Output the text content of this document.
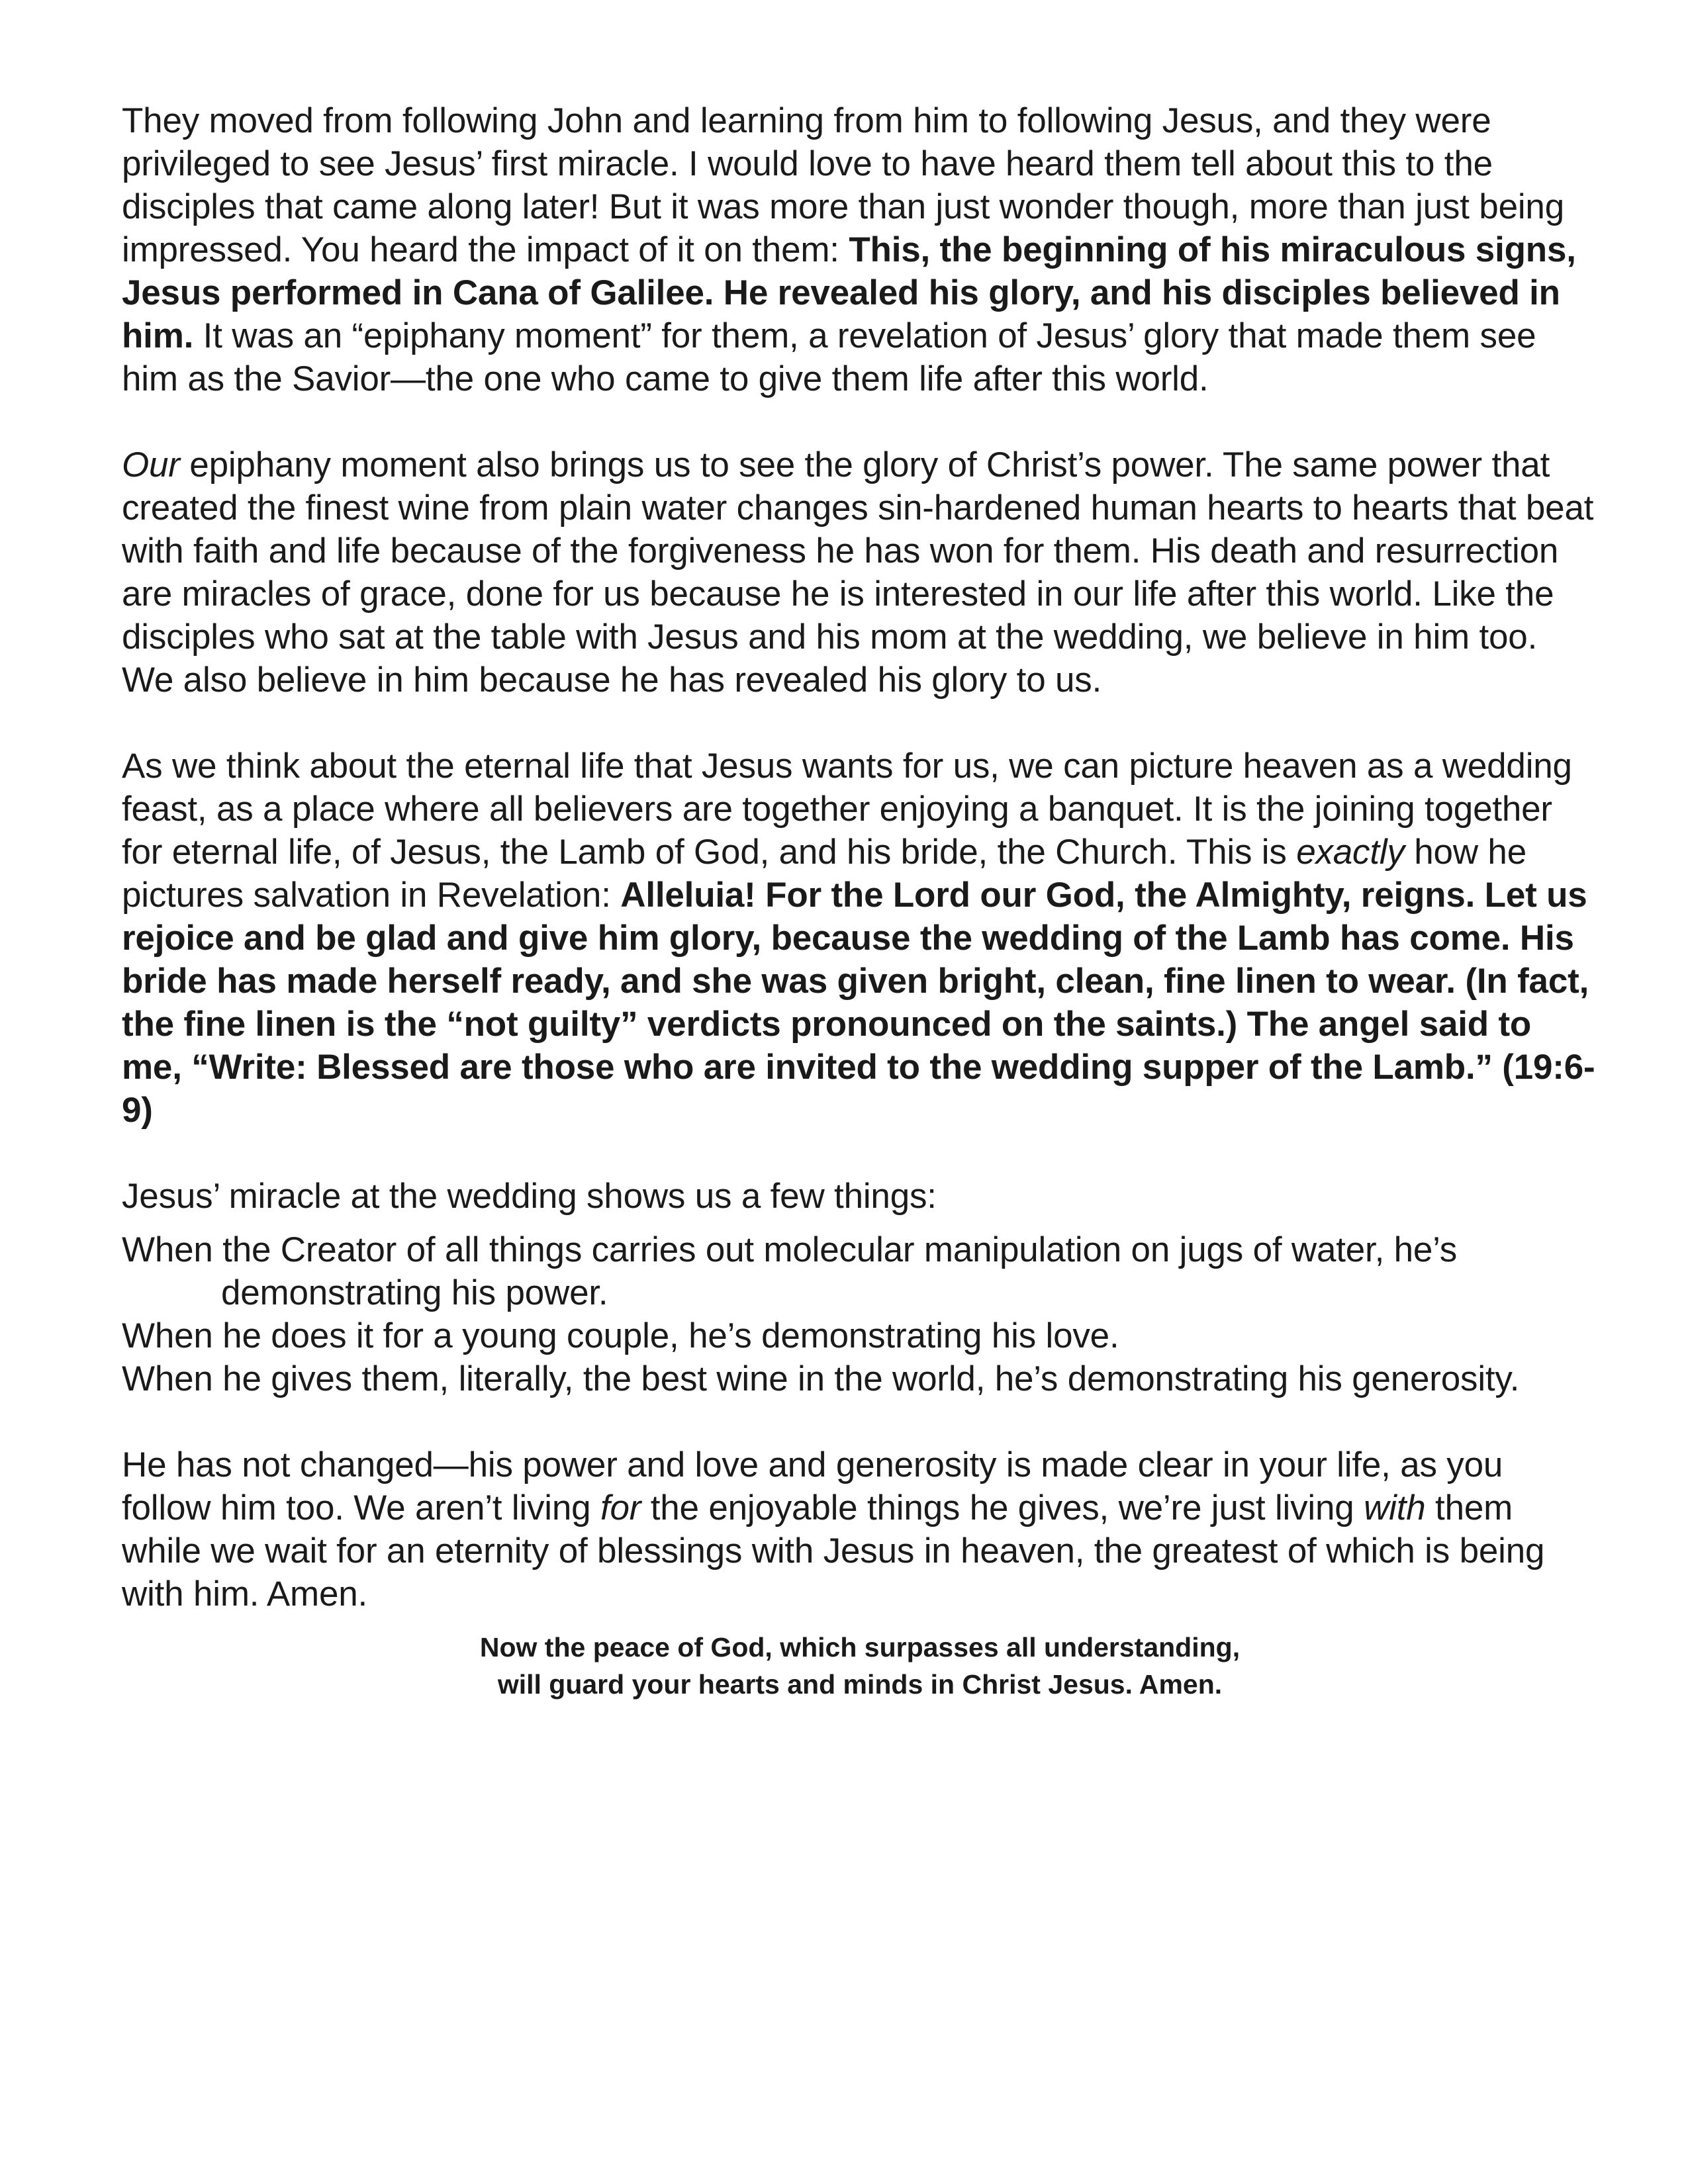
They moved from following John and learning from him to following Jesus, and they were privileged to see Jesus’ first miracle. I would love to have heard them tell about this to the disciples that came along later! But it was more than just wonder though, more than just being impressed. You heard the impact of it on them: This, the beginning of his miraculous signs, Jesus performed in Cana of Galilee. He revealed his glory, and his disciples believed in him. It was an “epiphany moment” for them, a revelation of Jesus’ glory that made them see him as the Savior—the one who came to give them life after this world.

Our epiphany moment also brings us to see the glory of Christ’s power. The same power that created the finest wine from plain water changes sin-hardened human hearts to hearts that beat with faith and life because of the forgiveness he has won for them. His death and resurrection are miracles of grace, done for us because he is interested in our life after this world. Like the disciples who sat at the table with Jesus and his mom at the wedding, we believe in him too. We also believe in him because he has revealed his glory to us.

As we think about the eternal life that Jesus wants for us, we can picture heaven as a wedding feast, as a place where all believers are together enjoying a banquet. It is the joining together for eternal life, of Jesus, the Lamb of God, and his bride, the Church. This is exactly how he pictures salvation in Revelation: Alleluia! For the Lord our God, the Almighty, reigns. Let us rejoice and be glad and give him glory, because the wedding of the Lamb has come. His bride has made herself ready, and she was given bright, clean, fine linen to wear. (In fact, the fine linen is the “not guilty” verdicts pronounced on the saints.) The angel said to me, “Write: Blessed are those who are invited to the wedding supper of the Lamb.” (19:6-9)

Jesus’ miracle at the wedding shows us a few things:

When the Creator of all things carries out molecular manipulation on jugs of water, he’s demonstrating his power.
When he does it for a young couple, he’s demonstrating his love.
When he gives them, literally, the best wine in the world, he’s demonstrating his generosity.

He has not changed—his power and love and generosity is made clear in your life, as you follow him too. We aren’t living for the enjoyable things he gives, we’re just living with them while we wait for an eternity of blessings with Jesus in heaven, the greatest of which is being with him. Amen.

Now the peace of God, which surpasses all understanding,
will guard your hearts and minds in Christ Jesus. Amen.
